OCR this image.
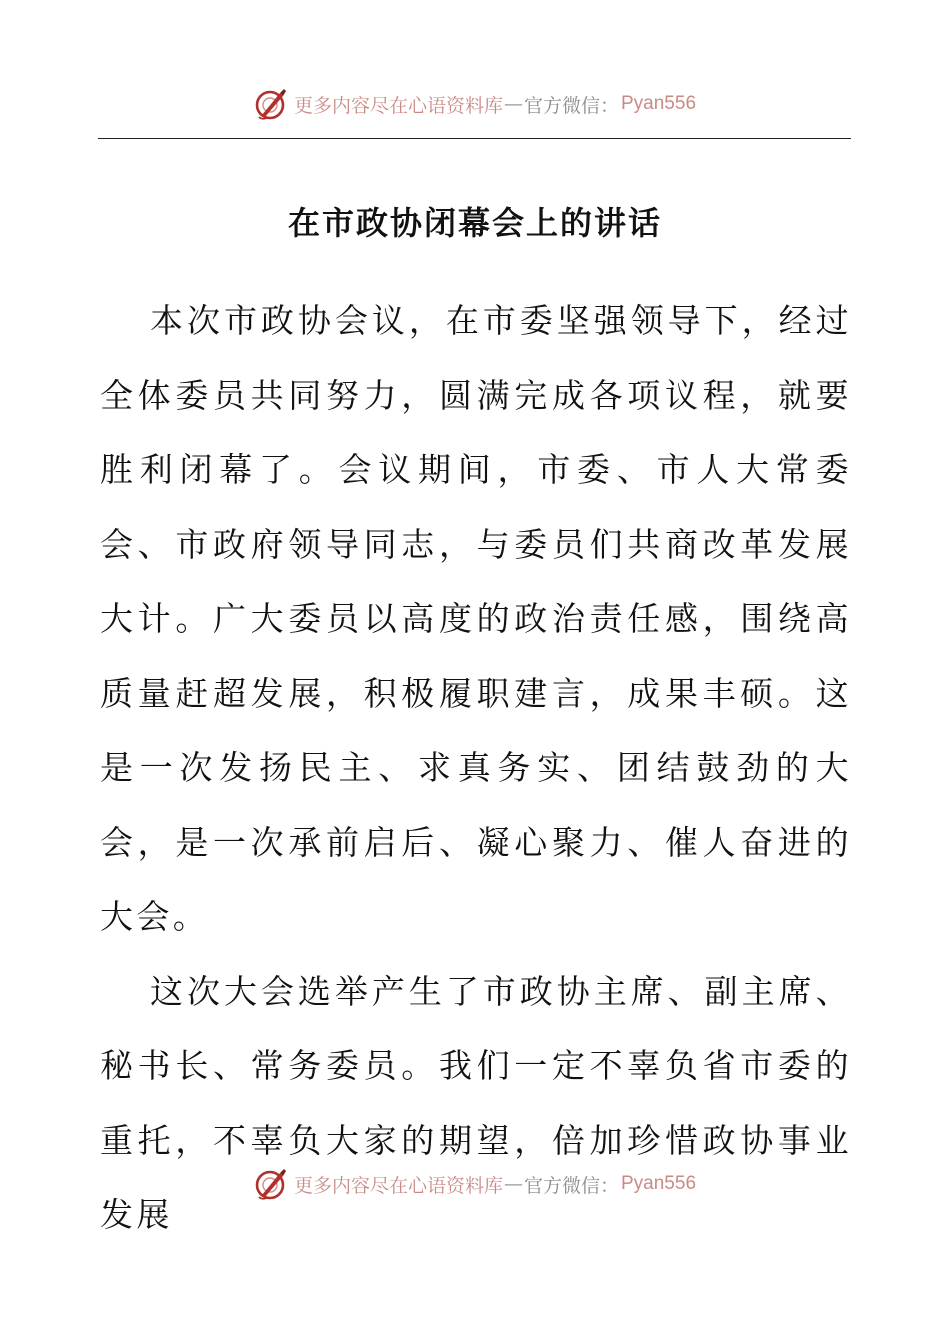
更多内容尽在心语资料库 — 官方微信： Pyan556
在市政协闭幕会上的讲话

本次市政协会议，在市委坚强领导下，经过全体委员共同努力，圆满完成各项议程，就要胜利闭幕了。会议期间，市委、市人大常委会、市政府领导同志，与委员们共商改革发展大计。广大委员以高度的政治责任感，围绕高质量赶超发展，积极履职建言，成果丰硕。这是一次发扬民主、求真务实、团结鼓劲的大会，是一次承前启后、凝心聚力、催人奋进的大会。

这次大会选举产生了市政协主席、副主席、秘书长、常务委员。我们一定不辜负省市委的重托，不辜负大家的期望，倍加珍惜政协事业发展

更多内容尽在心语资料库 — 官方微信： Pyan556
